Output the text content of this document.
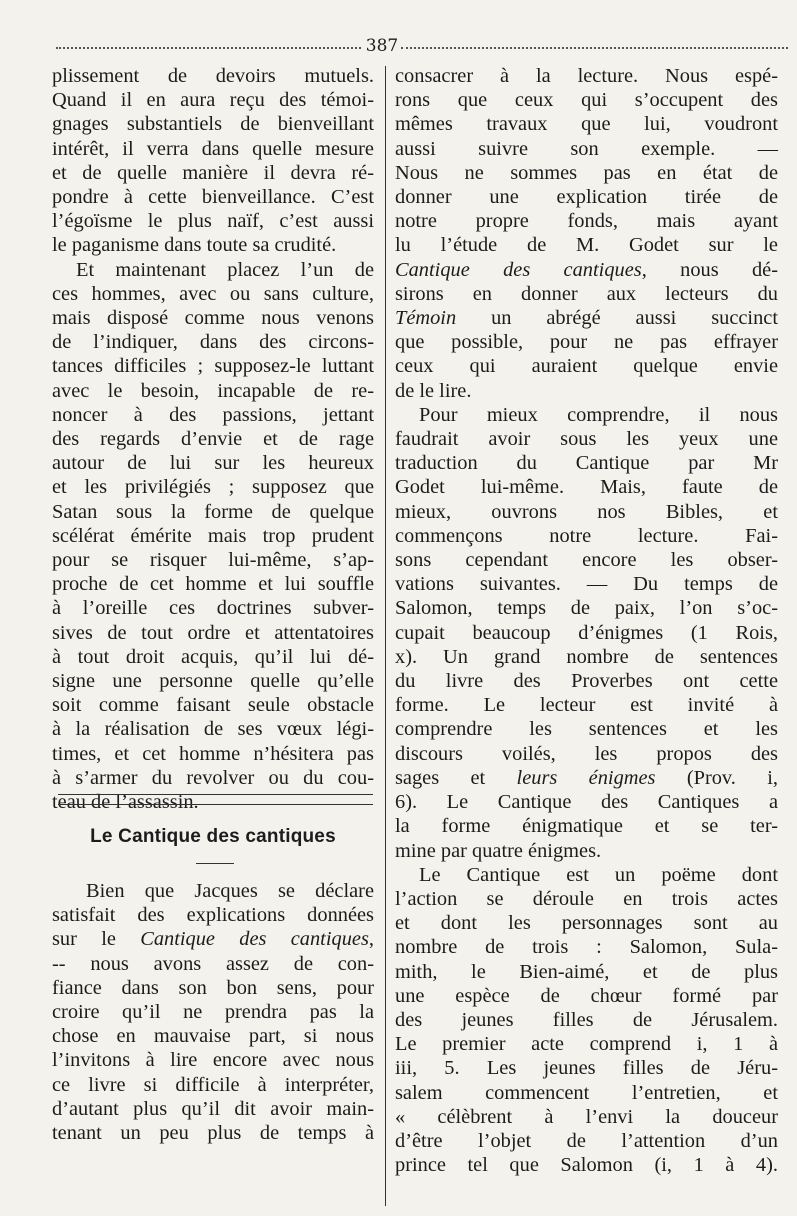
387
plissement de devoirs mutuels.
Quand il en aura reçu des témoi-
gnages substantiels de bienveillant
intérêt, il verra dans quelle mesure
et de quelle manière il devra ré-
pondre à cette bienveillance. C’est
l’égoïsme le plus naïf, c’est aussi
le paganisme dans toute sa crudité.
Et maintenant placez l’un de
ces hommes, avec ou sans culture,
mais disposé comme nous venons
de l’indiquer, dans des circons-
tances difficiles ; supposez-le luttant
avec le besoin, incapable de re-
noncer à des passions, jettant
des regards d’envie et de rage
autour de lui sur les heureux
et les privilégiés ; supposez que
Satan sous la forme de quelque
scélérat émérite mais trop prudent
pour se risquer lui-même, s’ap-
proche de cet homme et lui souffle
à l’oreille ces doctrines subver-
sives de tout ordre et attentatoires
à tout droit acquis, qu’il lui dé-
signe une personne quelle qu’elle
soit comme faisant seule obstacle
à la réalisation de ses vœux légi-
times, et cet homme n’hésitera pas
à s’armer du revolver ou du cou-
teau de l’assassin.
Le Cantique des cantiques
Bien que Jacques se déclare
satisfait des explications données
sur le Cantique des cantiques,
-- nous avons assez de con-
fiance dans son bon sens, pour
croire qu’il ne prendra pas la
chose en mauvaise part, si nous
l’invitons à lire encore avec nous
ce livre si difficile à interpréter,
d’autant plus qu’il dit avoir main-
tenant un peu plus de temps à
consacrer à la lecture. Nous espé-
rons que ceux qui s’occupent des
mêmes travaux que lui, voudront
aussi suivre son exemple. —
Nous ne sommes pas en état de
donner une explication tirée de
notre propre fonds, mais ayant
lu l’étude de M. Godet sur le
Cantique des cantiques, nous dé-
sirons en donner aux lecteurs du
Témoin un abrégé aussi succinct
que possible, pour ne pas effrayer
ceux qui auraient quelque envie
de le lire.
Pour mieux comprendre, il nous
faudrait avoir sous les yeux une
traduction du Cantique par Mr
Godet lui-même. Mais, faute de
mieux, ouvrons nos Bibles, et
commençons notre lecture. Fai-
sons cependant encore les obser-
vations suivantes. — Du temps de
Salomon, temps de paix, l’on s’oc-
cupait beaucoup d’énigmes (1 Rois,
x). Un grand nombre de sentences
du livre des Proverbes ont cette
forme. Le lecteur est invité à
comprendre les sentences et les
discours voilés, les propos des
sages et leurs énigmes (Prov. i,
6). Le Cantique des Cantiques a
la forme énigmatique et se ter-
mine par quatre énigmes.
Le Cantique est un poëme dont
l’action se déroule en trois actes
et dont les personnages sont au
nombre de trois : Salomon, Sula-
mith, le Bien-aimé, et de plus
une espèce de chœur formé par
des jeunes filles de Jérusalem.
Le premier acte comprend i, 1 à
iii, 5. Les jeunes filles de Jéru-
salem commencent l’entretien, et
« célèbrent à l’envi la douceur
d’être l’objet de l’attention d’un
prince tel que Salomon (i, 1 à 4).
